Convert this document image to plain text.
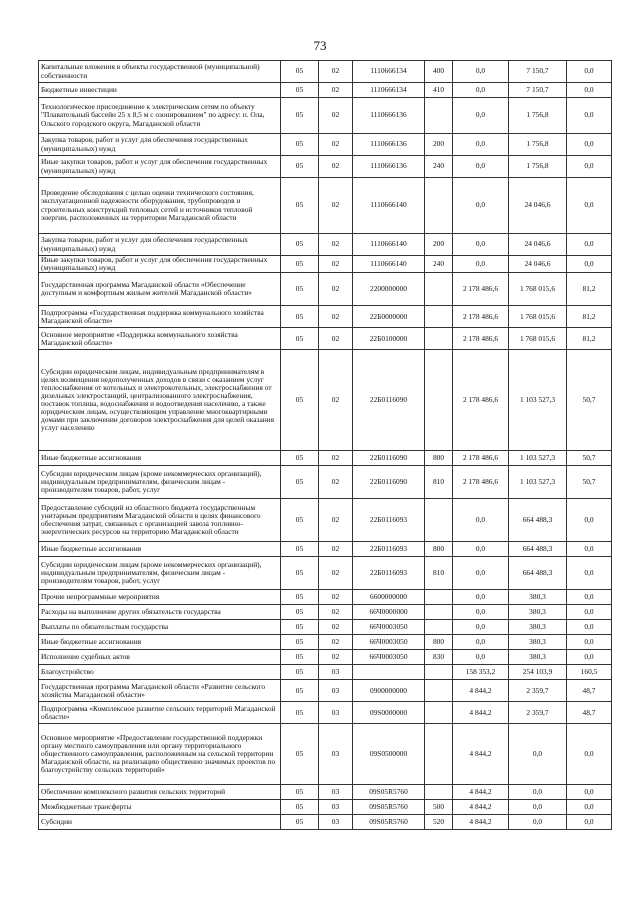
73
Капитальные вложения в объекты государственной (муниципальной) собственности	05	02	1110666134	400	0,0	7 150,7	0,0
Бюджетные инвестиции	05	02	1110666134	410	0,0	7 150,7	0,0
Технологическое присоединение к электрическим сетям по объекту "Плавательный бассейн 25 х 8,5 м с озонированием" по адресу: п. Ола, Ольского городского округа, Магаданской области	05	02	1110666136		0,0	1 756,8	0,0
Закупка товаров, работ и услуг для обеспечения государственных (муниципальных) нужд	05	02	1110666136	200	0,0	1 756,8	0,0
Иные закупки товаров, работ и услуг для обеспечения государственных (муниципальных) нужд	05	02	1110666136	240	0,0	1 756,8	0,0
Проведение обследования с целью оценки технического состояния, эксплуатационной надежности оборудования, трубопроводов и строительных конструкций тепловых сетей и источников тепловой энергии, расположенных на территории Магаданской области	05	02	1110666140		0,0	24 046,6	0,0
Закупка товаров, работ и услуг для обеспечения государственных (муниципальных) нужд	05	02	1110666140	200	0,0	24 046,6	0,0
Иные закупки товаров, работ и услуг для обеспечения государственных (муниципальных) нужд	05	02	1110666140	240	0,0	24 046,6	0,0
Государственная программа Магаданской области «Обеспечение доступным и комфортным жильем жителей Магаданской области»	05	02	2200000000		2 178 486,6	1 768 015,6	81,2
Подпрограмма «Государственная поддержка коммунального хозяйства Магаданской области»	05	02	22Б0000000		2 178 486,6	1 768 015,6	81,2
Основное мероприятие «Поддержка коммунального хозяйства Магаданской области»	05	02	22Б0100000		2 178 486,6	1 768 015,6	81,2
Субсидии юридическим лицам, индивидуальным предпринимателям в целях возмещения недополученных доходов в связи с оказанием услуг теплоснабжения от котельных и электрокотельных, электроснабжения от дизельных электростанций, централизованного электроснабжения, поставок топлива, водоснабжения и водоотведения населению, а также юридическим лицам, осуществляющим управление многоквартирными домами при заключении договоров электроснабжения для целей оказания услуг населению	05	02	22Б0116090		2 178 486,6	1 103 527,3	50,7
Иные бюджетные ассигнования	05	02	22Б0116090	800	2 178 486,6	1 103 527,3	50,7
Субсидии юридическим лицам (кроме некоммерческих организаций), индивидуальным предпринимателям, физическим лицам - производителям товаров, работ, услуг	05	02	22Б0116090	810	2 178 486,6	1 103 527,3	50,7
Предоставление субсидий из областного бюджета государственным унитарным предприятиям Магаданской области в целях финансового обеспечения затрат, связанных с организацией завоза топливно-энергетических ресурсов на территорию Магаданской области	05	02	22Б0116093		0,0	664 488,3	0,0
Иные бюджетные ассигнования	05	02	22Б0116093	800	0,0	664 488,3	0,0
Субсидии юридическим лицам (кроме некоммерческих организаций), индивидуальным предпринимателям, физическим лицам - производителям товаров, работ, услуг	05	02	22Б0116093	810	0,0	664 488,3	0,0
Прочие непрограммные мероприятия	05	02	6600000000		0,0	380,3	0,0
Расходы на выполнение других обязательств государства	05	02	66Ч0000000		0,0	380,3	0,0
Выплаты по обязательствам государства	05	02	66Ч0003050		0,0	380,3	0,0
Иные бюджетные ассигнования	05	02	66Ч0003050	800	0,0	380,3	0,0
Исполнение судебных актов	05	02	66Ч0003050	830	0,0	380,3	0,0
Благоустройство	05	03			158 353,2	254 103,9	160,5
Государственная программа Магаданской области «Развитие сельского хозяйства Магаданской области»	05	03	0900000000		4 844,2	2 359,7	48,7
Подпрограмма «Комплексное развитие сельских территорий Магаданской области»	05	03	09S0000000		4 844,2	2 359,7	48,7
Основное мероприятие «Предоставление государственной поддержки органу местного самоуправления или органу территориального общественного самоуправления, расположенным на сельской территории Магаданской области, на реализацию общественно значимых проектов по благоустройству сельских территорий»	05	03	09S0500000		4 844,2	0,0	0,0
Обеспечение комплексного развития сельских территорий	05	03	09S05R5760		4 844,2	0,0	0,0
Межбюджетные трансферты	05	03	09S05R5760	500	4 844,2	0,0	0,0
Субсидии	05	03	09S05R5760	520	4 844,2	0,0	0,0
